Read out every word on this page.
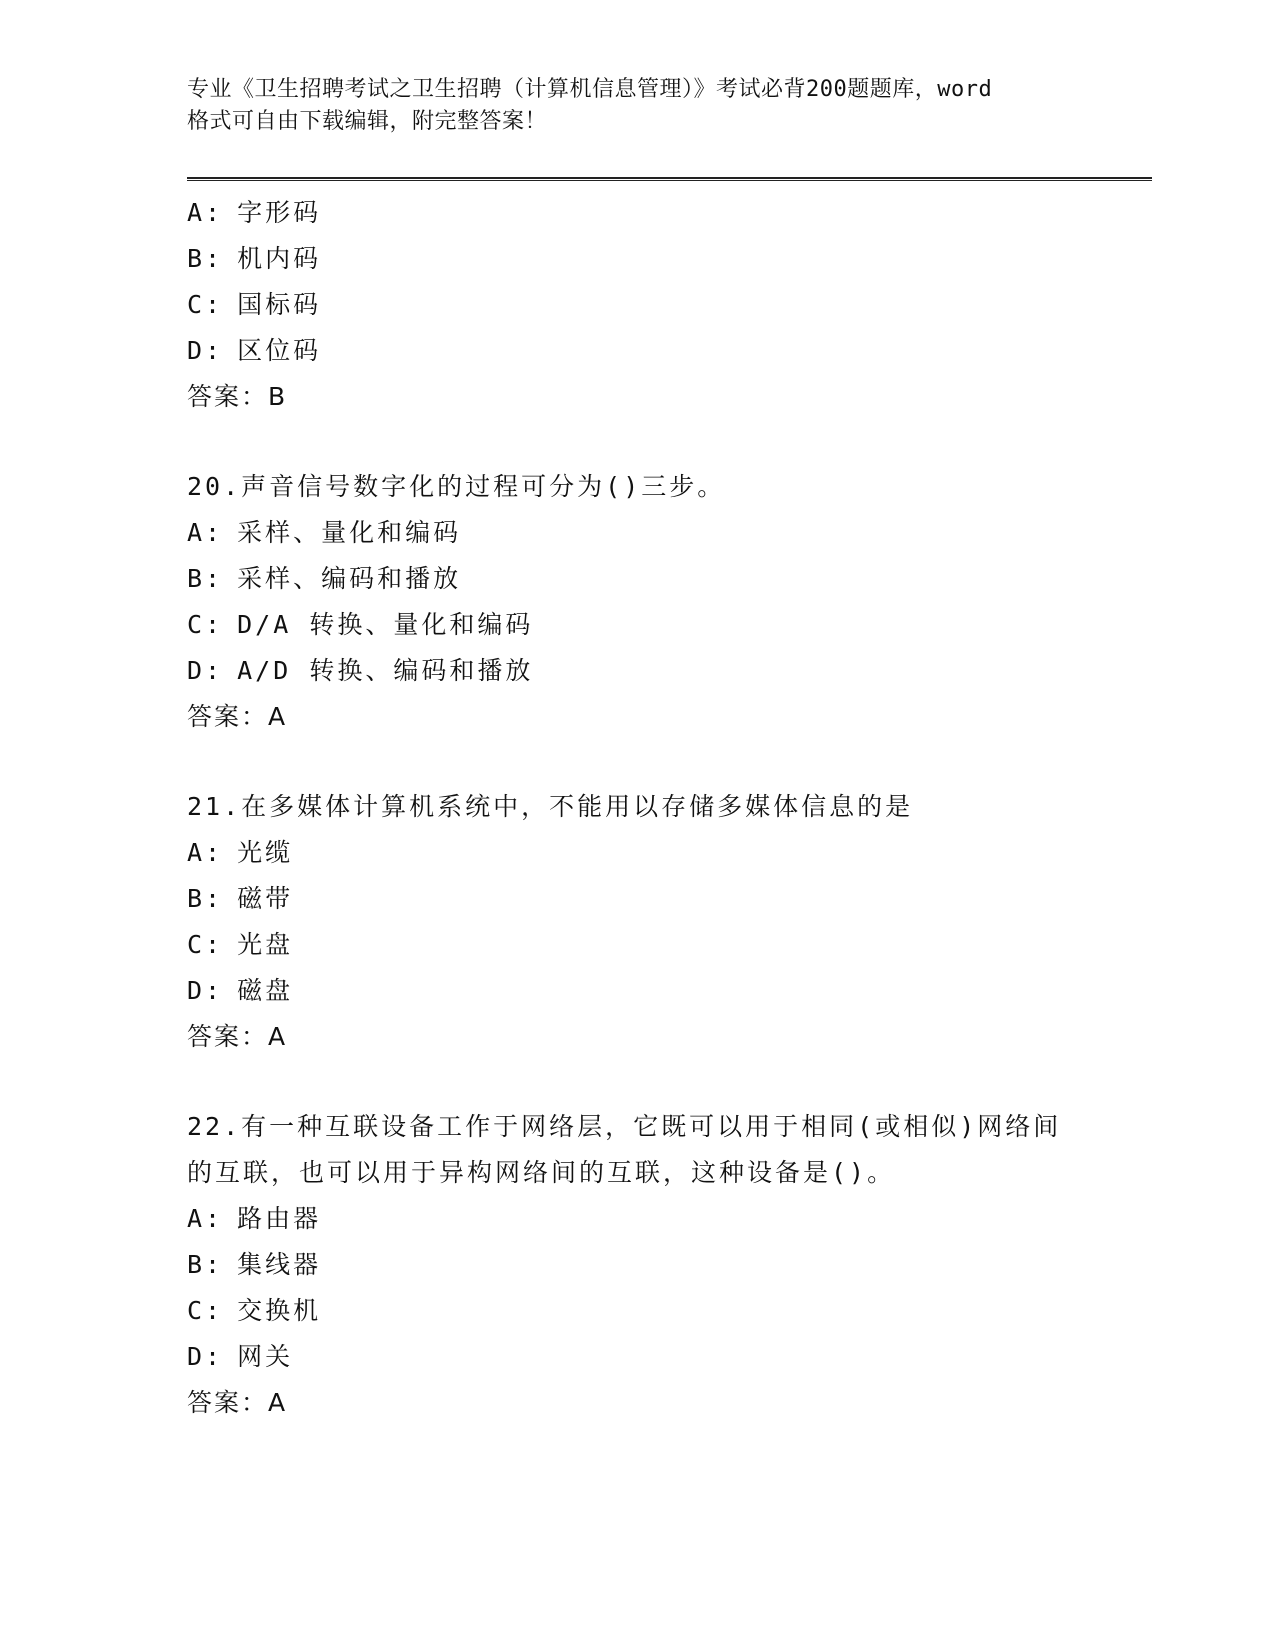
专业《卫生招聘考试之卫生招聘（计算机信息管理）》考试必背200题题库，word
格式可自由下载编辑，附完整答案！
A: 字形码
B: 机内码
C: 国标码
D: 区位码
答案：B
20.声音信号数字化的过程可分为()三步。
A: 采样、量化和编码
B: 采样、编码和播放
C: D/A 转换、量化和编码
D: A/D 转换、编码和播放
答案：A
21.在多媒体计算机系统中，不能用以存储多媒体信息的是
A: 光缆
B: 磁带
C: 光盘
D: 磁盘
答案：A
22.有一种互联设备工作于网络层，它既可以用于相同(或相似)网络间的互联，也可以用于异构网络间的互联，这种设备是()。
A: 路由器
B: 集线器
C: 交换机
D: 网关
答案：A
